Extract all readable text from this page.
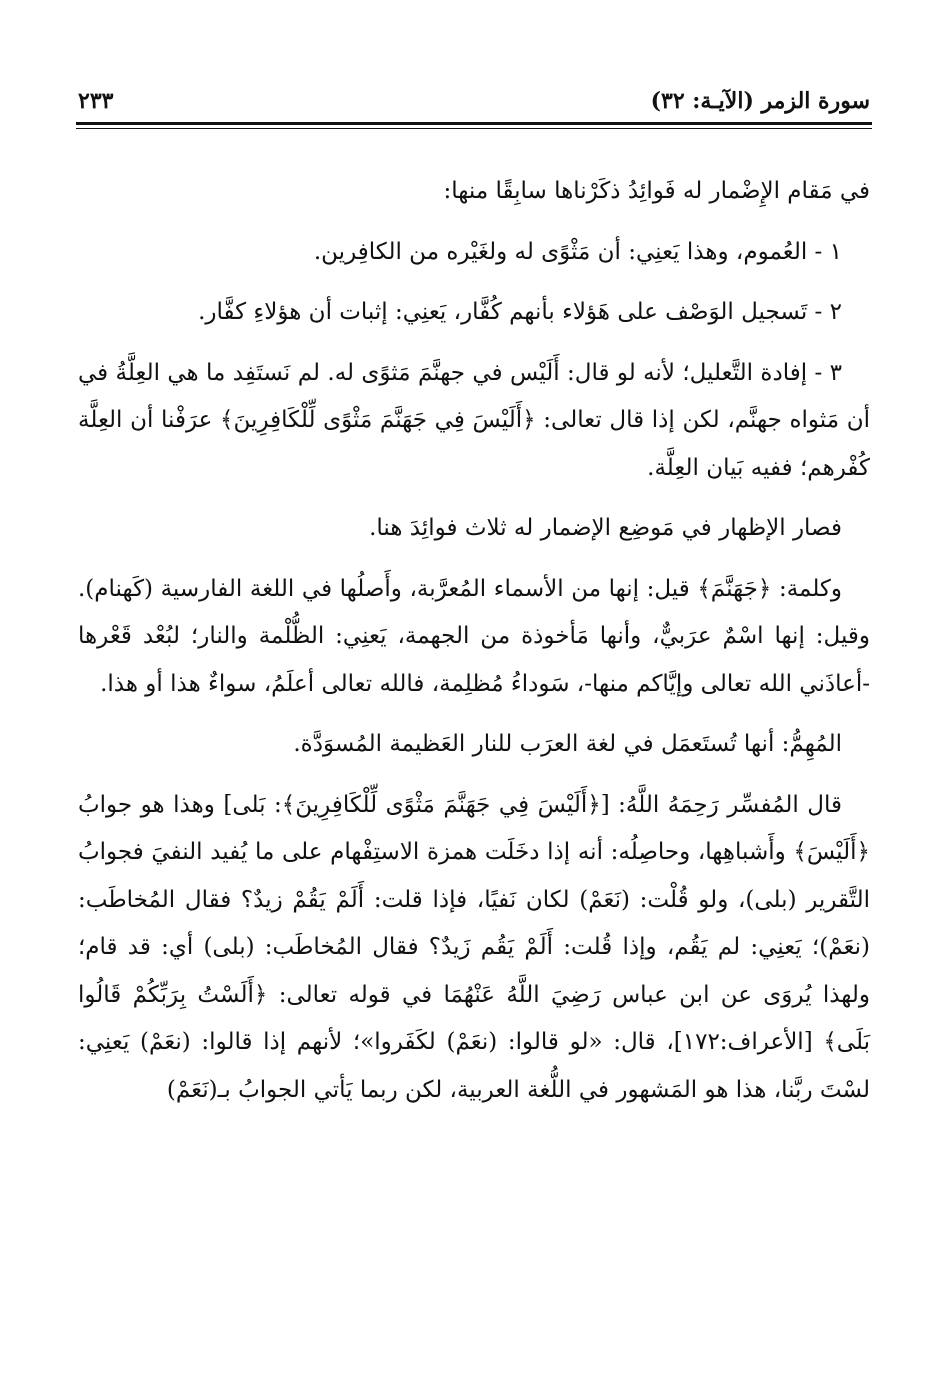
سورة الزمر (الآيـة: ٣٢)
٢٣٣

في مَقام الإِضْمار له فَوائِدُ ذكَرْناها سابِقًا منها:

١ - العُموم، وهذا يَعنِي: أن مَثْوًى له ولغَيْره من الكافِرين.

٢ - تَسجيل الوَصْف على هَؤلاء بأنهم كُفَّار، يَعنِي: إثبات أن هؤلاءِ كفَّار.

٣ - إفادة التَّعليل؛ لأنه لو قال: أَلَيْس في جهنَّمَ مَثوًى له. لم نَستَفِد ما هي العِلَّةُ في أن مَثواه جهنَّم، لكن إذا قال تعالى: ﴿أَلَيْسَ فِي جَهَنَّمَ مَثْوًى لِّلْكَافِرِينَ﴾ عرَفْنا أن العِلَّة كُفْرهم؛ ففيه بَيان العِلَّة.

فصار الإظهار في مَوضِع الإضمار له ثلاث فوائِدَ هنا.

وكلمة: ﴿جَهَنَّمَ﴾ قيل: إنها من الأسماء المُعرَّبة، وأَصلُها في اللغة الفارسية (كَهنام). وقيل: إنها اسْمٌ عرَبيٌّ، وأنها مَأخوذة من الجهمة، يَعنِي: الظُّلْمة والنار؛ لبُعْد قَعْرها -أعاذَني الله تعالى وإيَّاكم منها-، سَوداءُ مُظلِمة، فالله تعالى أعلَمُ، سواءٌ هذا أو هذا.

المُهِمُّ: أنها تُستَعمَل في لغة العرَب للنار العَظيمة المُسوَدَّة.

قال المُفسِّر رَحِمَهُ اللَّهُ: [﴿أَلَيْسَ فِي جَهَنَّمَ مَثْوًى لِّلْكَافِرِينَ﴾: بَلى] وهذا هو جوابُ ﴿أَلَيْسَ﴾ وأَشباهِها، وحاصِلُه: أنه إذا دخَلَت همزة الاستِفْهام على ما يُفيد النفيَ فجوابُ التَّقرير (بلى)، ولو قُلْت: (نَعَمْ) لكان نَفيًا، فإذا قلت: أَلَمْ يَقُمْ زيدٌ؟ فقال المُخاطَب: (نعَمْ)؛ يَعنِي: لم يَقُم، وإذا قُلت: أَلَمْ يَقُم زَيدٌ؟ فقال المُخاطَب: (بلى) أي: قد قام؛ ولهذا يُروَى عن ابن عباس رَضِيَ اللَّهُ عَنْهُمَا في قوله تعالى: ﴿أَلَسْتُ بِرَبِّكُمْ قَالُوا بَلَى﴾ [الأعراف:١٧٢]، قال: «لو قالوا: (نعَمْ) لكَفَروا»؛ لأنهم إذا قالوا: (نعَمْ) يَعنِي: لسْتَ ربَّنا، هذا هو المَشهور في اللُّغة العربية، لكن ربما يَأتي الجوابُ بـ(نَعَمْ)
